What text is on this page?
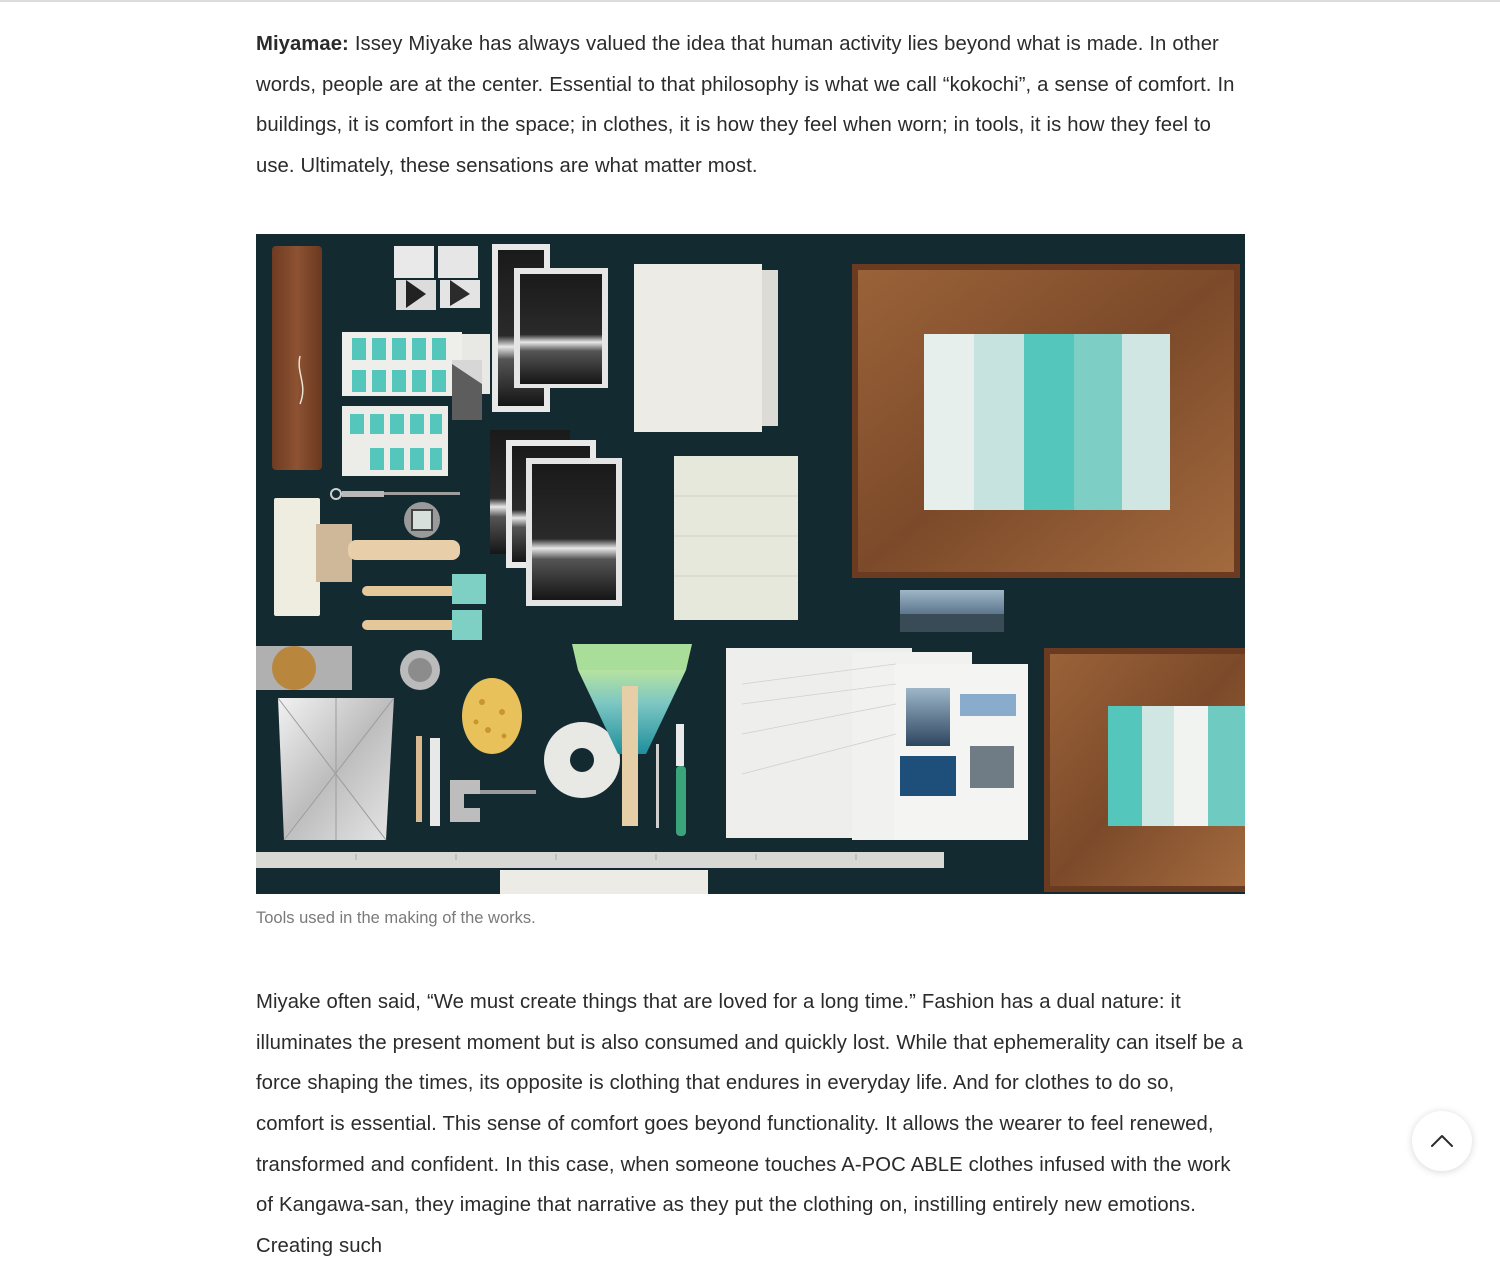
Miyamae: Issey Miyake has always valued the idea that human activity lies beyond what is made. In other words, people are at the center. Essential to that philosophy is what we call “kokochi”, a sense of comfort. In buildings, it is comfort in the space; in clothes, it is how they feel when worn; in tools, it is how they feel to use. Ultimately, these sensations are what matter most.

Tools used in the making of the works.

Miyake often said, “We must create things that are loved for a long time.” Fashion has a dual nature: it illuminates the present moment but is also consumed and quickly lost. While that ephemerality can itself be a force shaping the times, its opposite is clothing that endures in everyday life. And for clothes to do so, comfort is essential. This sense of comfort goes beyond functionality. It allows the wearer to feel renewed, transformed and confident. In this case, when someone touches A-POC ABLE clothes infused with the work of Kangawa-san, they imagine that narrative as they put the clothing on, instilling entirely new emotions. Creating such
